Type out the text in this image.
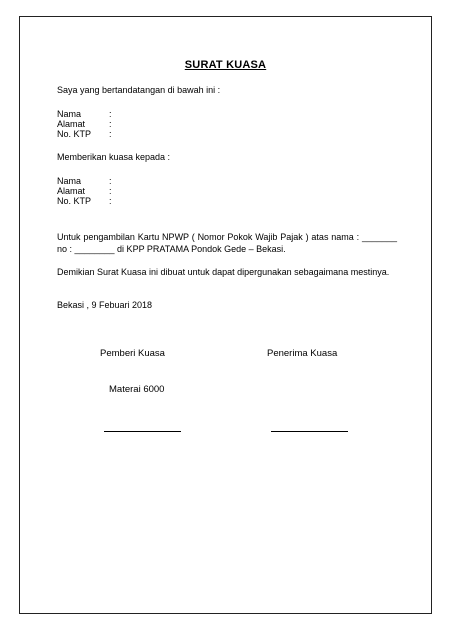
SURAT KUASA
Saya yang bertandatangan di bawah ini :
Nama	:
Alamat	:
No. KTP :
Memberikan kuasa kepada :
Nama	:
Alamat	:
No. KTP :
Untuk pengambilan Kartu NPWP ( Nomor Pokok Wajib Pajak ) atas nama : _______ no : ________ di KPP PRATAMA Pondok Gede – Bekasi.
Demikian Surat Kuasa ini dibuat untuk dapat dipergunakan sebagaimana mestinya.
Bekasi , 9 Febuari 2018
Pemberi Kuasa	Penerima Kuasa
Materai 6000
